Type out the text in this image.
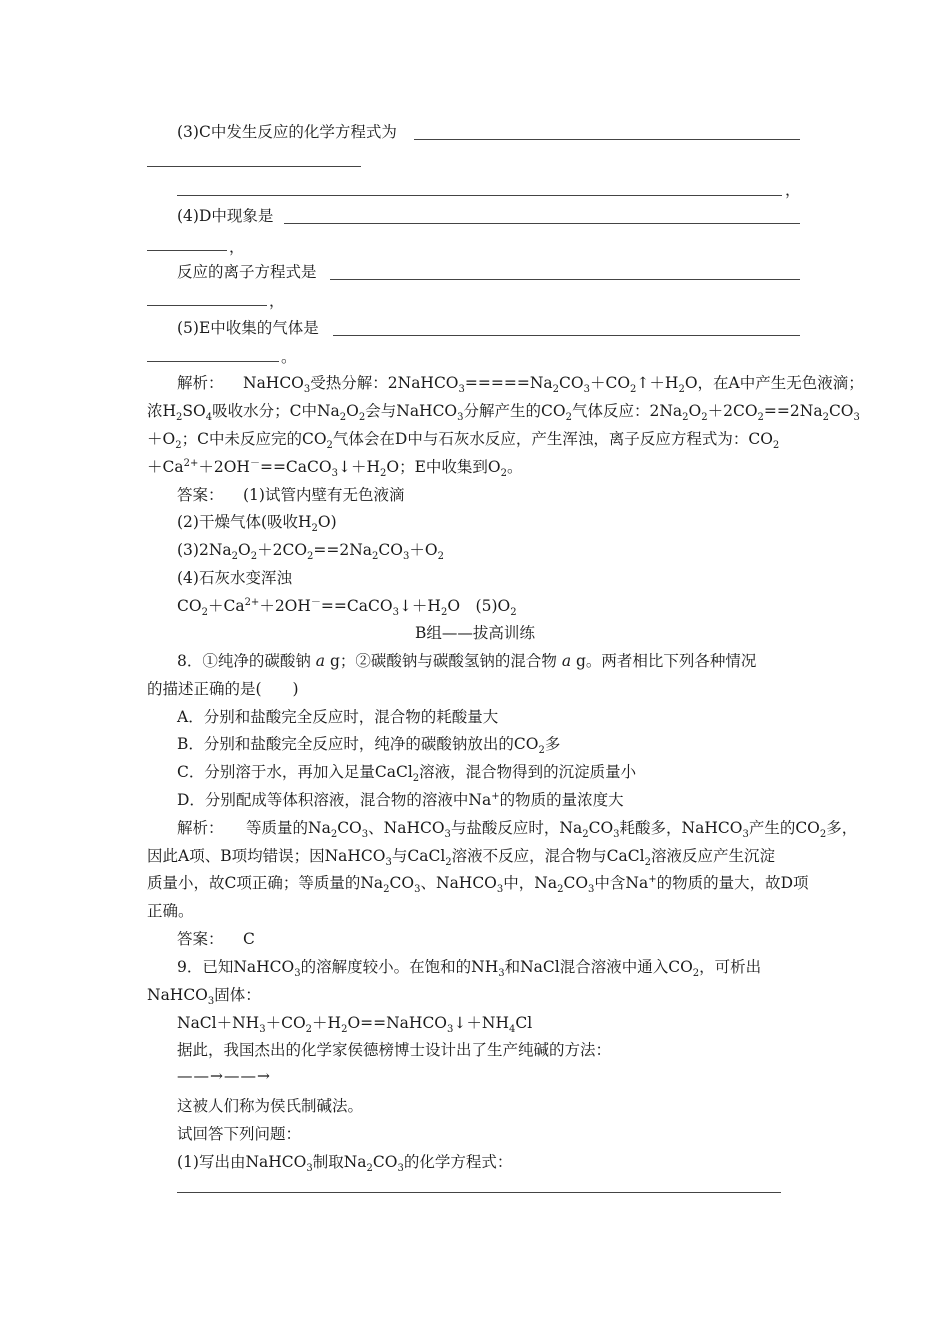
(3)C中发生反应的化学方程式为
，
(4)D中现象是
，
反应的离子方程式是
，
(5)E中收集的气体是
。
解析： NaHCO$_3$受热分解：$2NaHCO_3=====Na_2CO_3+CO_2↑+H_2O$，在A中产生无色液滴；
浓$H_2SO_4$吸收水分；C中$Na_2O_2$会与NaHCO$_3$分解产生的$CO_2$气体反应：$2Na_2O_2+2CO_2==2Na_2CO_3$
$+O_2$；C中未反应完的$CO_2$气体会在D中与石灰水反应，产生浑浊，离子反应方程式为：$CO_2$
$+Ca^{2+}+2OH^-==CaCO_3↓+H_2O$；E中收集到$O_2$。
答案： (1)试管内壁有无色液滴
(2)干燥气体(吸收$H_2O$)
$(3)2Na_2O_2+2CO_2==2Na_2CO_3+O_2$
(4)石灰水变浑浊
$CO_2+Ca^{2+}+2OH^-==CaCO_3↓+H_2O$　$(5)O_2$
B组——拔高训练
8．①纯净的碳酸钠 a g；②碳酸钠与碳酸氢钠的混合物 a g。两者相比下列各种情况
的描述正确的是(　　)
A．分别和盐酸完全反应时，混合物的耗酸量大
B．分别和盐酸完全反应时，纯净的碳酸钠放出的$CO_2$多
C．分别溶于水，再加入足量CaCl$_2$溶液，混合物得到的沉淀质量小
D．分别配成等体积溶液，混合物的溶液中Na+的物质的量浓度大
解析： 等质量的$Na_2CO_3$、NaHCO$_3$与盐酸反应时，$Na_2CO_3$耗酸多，NaHCO$_3$产生的$CO_2$多，
因此A项、B项均错误；因NaHCO$_3$与CaCl$_2$溶液不反应，混合物与CaCl$_2$溶液反应产生沉淀
质量小，故C项正确；等质量的$Na_2CO_3$、NaHCO$_3$中，$Na_2CO_3$中含Na+的物质的量大，故D项
正确。
答案： C
9．已知NaHCO$_3$的溶解度较小。在饱和的$NH_3$和NaCl混合溶液中通入$CO_2$，可析出
NaHCO$_3$固体：
$NaCl+NH_3+CO_2+H_2O==NaHCO_3↓+NH_4Cl$
据此，我国杰出的化学家侯德榜博士设计出了生产纯碱的方法：
——→——→
这被人们称为侯氏制碱法。
试回答下列问题：
(1)写出由NaHCO$_3$制取$Na_2CO_3$的化学方程式：
